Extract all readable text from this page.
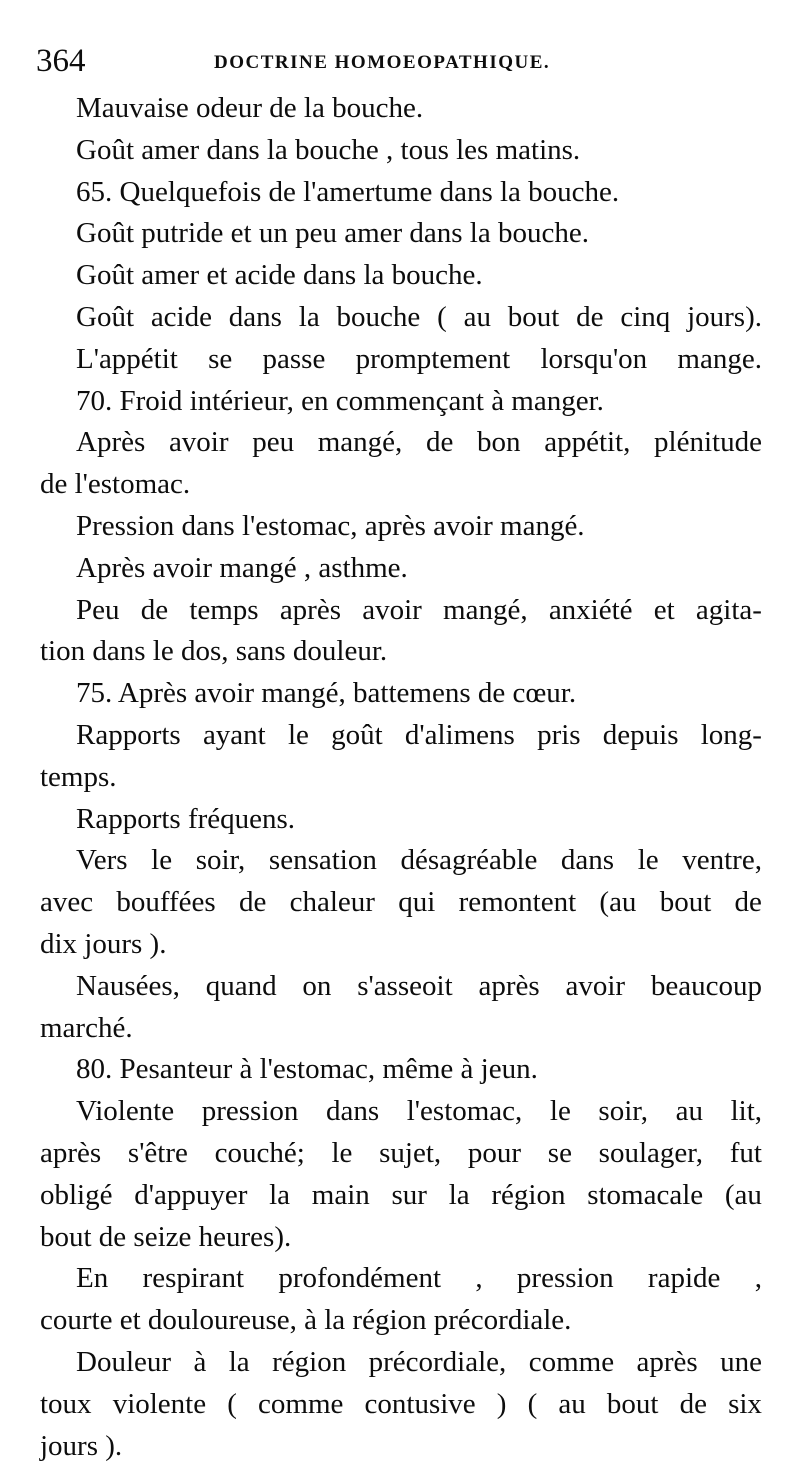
364	DOCTRINE HOMOEOPATHIQUE.
Mauvaise odeur de la bouche.
Goût amer dans la bouche , tous les matins.
65. Quelquefois de l'amertume dans la bouche.
Goût putride et un peu amer dans la bouche.
Goût amer et acide dans la bouche.
Goût acide dans la bouche ( au bout de cinq jours).
L'appétit se passe promptement lorsqu'on mange.
70. Froid intérieur, en commençant à manger.
Après avoir peu mangé, de bon appétit, plénitude
de l'estomac.
Pression dans l'estomac, après avoir mangé.
Après avoir mangé , asthme.
Peu de temps après avoir mangé, anxiété et agita-
tion dans le dos, sans douleur.
75. Après avoir mangé, battemens de cœur.
Rapports ayant le goût d'alimens pris depuis long-
temps.
Rapports fréquens.
Vers le soir, sensation désagréable dans le ventre,
avec bouffées de chaleur qui remontent (au bout de
dix jours ).
Nausées, quand on s'asseoit après avoir beaucoup
marché.
80. Pesanteur à l'estomac, même à jeun.
Violente pression dans l'estomac, le soir, au lit,
après s'être couché; le sujet, pour se soulager, fut
obligé d'appuyer la main sur la région stomacale (au
bout de seize heures).
En respirant profondément , pression rapide ,
courte et douloureuse, à la région précordiale.
Douleur à la région précordiale, comme après une
toux violente ( comme contusive ) ( au bout de six
jours ).
